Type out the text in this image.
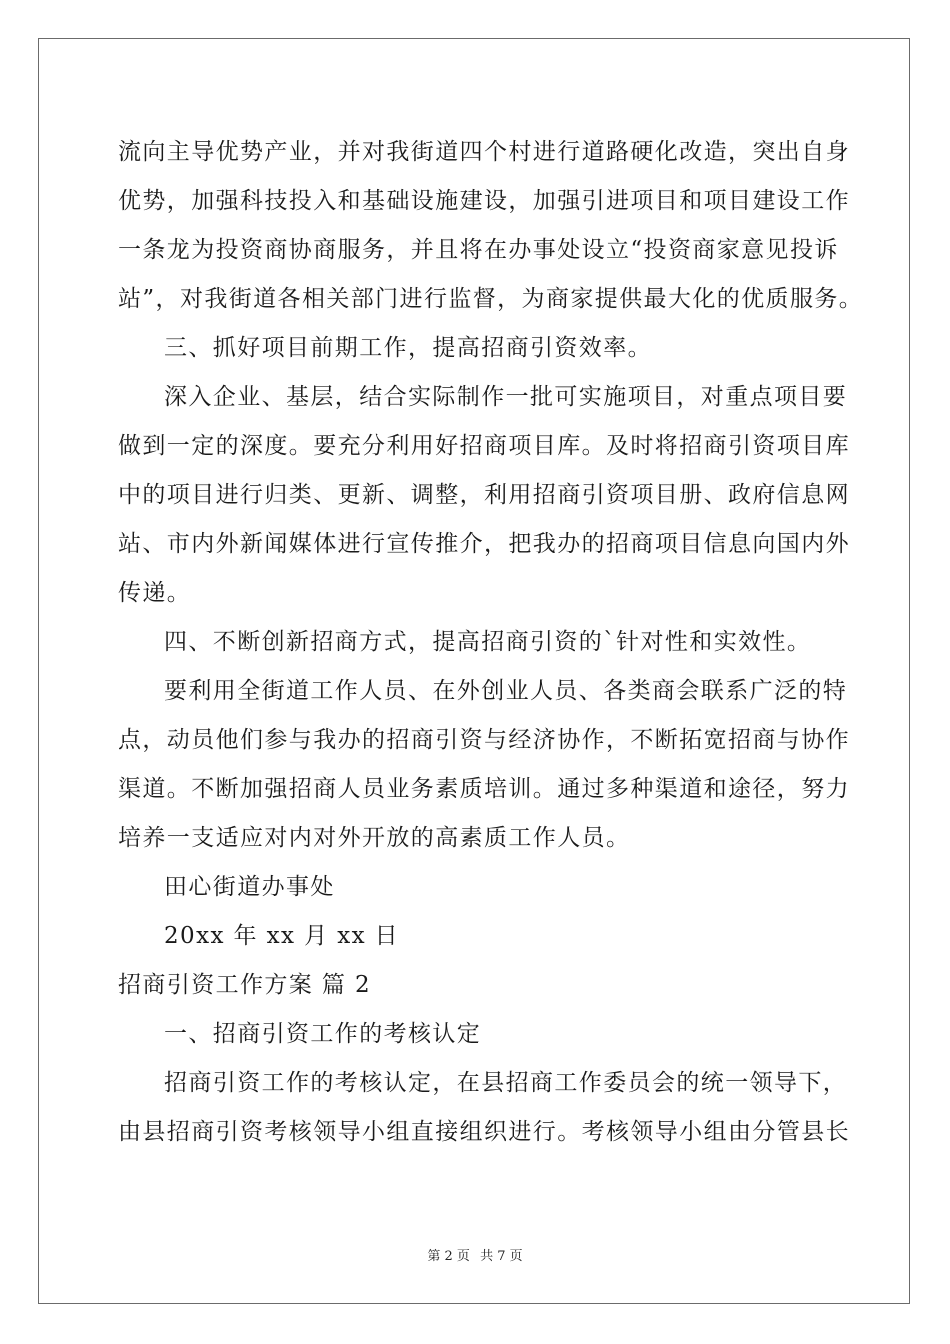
流向主导优势产业，并对我街道四个村进行道路硬化改造，突出自身
优势，加强科技投入和基础设施建设，加强引进项目和项目建设工作
一条龙为投资商协商服务，并且将在办事处设立“投资商家意见投诉
站”，对我街道各相关部门进行监督，为商家提供最大化的优质服务。
三、抓好项目前期工作，提高招商引资效率。
深入企业、基层，结合实际制作一批可实施项目，对重点项目要
做到一定的深度。要充分利用好招商项目库。及时将招商引资项目库
中的项目进行归类、更新、调整，利用招商引资项目册、政府信息网
站、市内外新闻媒体进行宣传推介，把我办的招商项目信息向国内外
传递。
四、不断创新招商方式，提高招商引资的`针对性和实效性。
要利用全街道工作人员、在外创业人员、各类商会联系广泛的特
点，动员他们参与我办的招商引资与经济协作，不断拓宽招商与协作
渠道。不断加强招商人员业务素质培训。通过多种渠道和途径，努力
培养一支适应对内对外开放的高素质工作人员。
田心街道办事处
20xx 年 xx 月 xx 日
招商引资工作方案 篇 2
一、招商引资工作的考核认定
招商引资工作的考核认定，在县招商工作委员会的统一领导下，
由县招商引资考核领导小组直接组织进行。考核领导小组由分管县长
第 2 页 共 7 页
